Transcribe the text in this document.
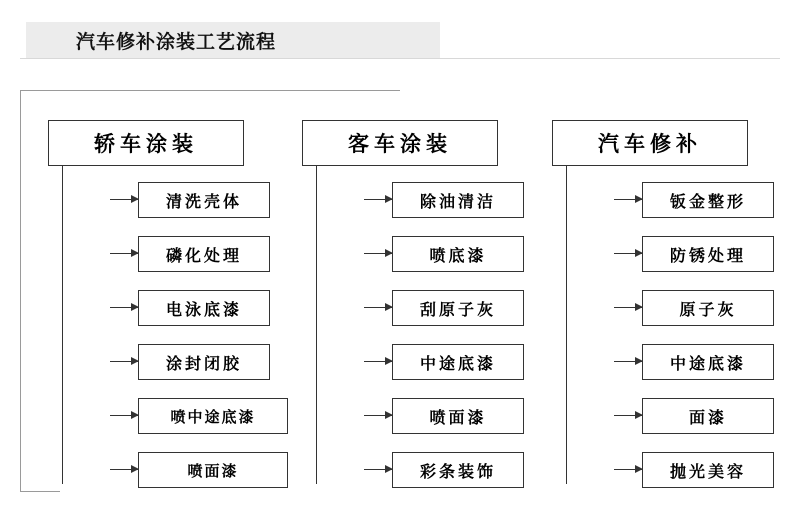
汽车修补涂装工艺流程
轿车涂装
清洗壳体
磷化处理
电泳底漆
涂封闭胶
喷中途底漆
喷面漆
客车涂装
除油清洁
喷底漆
刮原子灰
中途底漆
喷面漆
彩条装饰
汽车修补
钣金整形
防锈处理
原子灰
中途底漆
面漆
抛光美容
